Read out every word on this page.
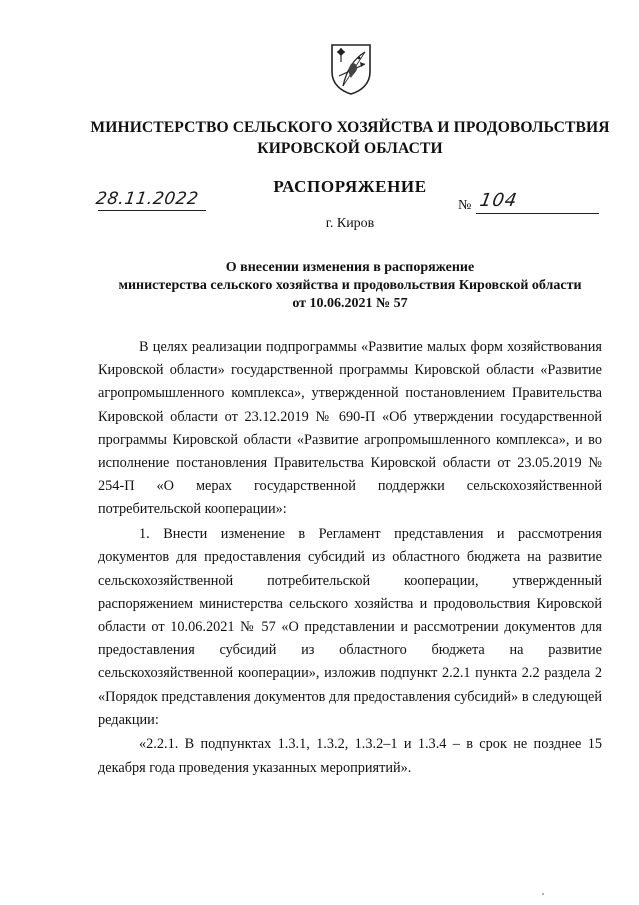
МИНИСТЕРСТВО СЕЛЬСКОГО ХОЗЯЙСТВА И ПРОДОВОЛЬСТВИЯ
КИРОВСКОЙ ОБЛАСТИ
РАСПОРЯЖЕНИЕ
28.11.2022	№ 104
г. Киров
О внесении изменения в распоряжение
министерства сельского хозяйства и продовольствия Кировской области
от 10.06.2021 № 57

В целях реализации подпрограммы «Развитие малых форм хозяйствования Кировской области» государственной программы Кировской области «Развитие агропромышленного комплекса», утвержденной постановлением Правительства Кировской области от 23.12.2019 № 690-П «Об утверждении государственной программы Кировской области «Развитие агропромышленного комплекса», и во исполнение постановления Правительства Кировской области от 23.05.2019 № 254-П «О мерах государственной поддержки сельскохозяйственной потребительской кооперации»:

1. Внести изменение в Регламент представления и рассмотрения документов для предоставления субсидий из областного бюджета на развитие сельскохозяйственной потребительской кооперации, утвержденный распоряжением министерства сельского хозяйства и продовольствия Кировской области от 10.06.2021 № 57 «О представлении и рассмотрении документов для предоставления субсидий из областного бюджета на развитие сельскохозяйственной кооперации», изложив подпункт 2.2.1 пункта 2.2 раздела 2 «Порядок представления документов для предоставления субсидий» в следующей редакции:

«2.2.1. В подпунктах 1.3.1, 1.3.2, 1.3.2–1 и 1.3.4 – в срок не позднее 15 декабря года проведения указанных мероприятий».
